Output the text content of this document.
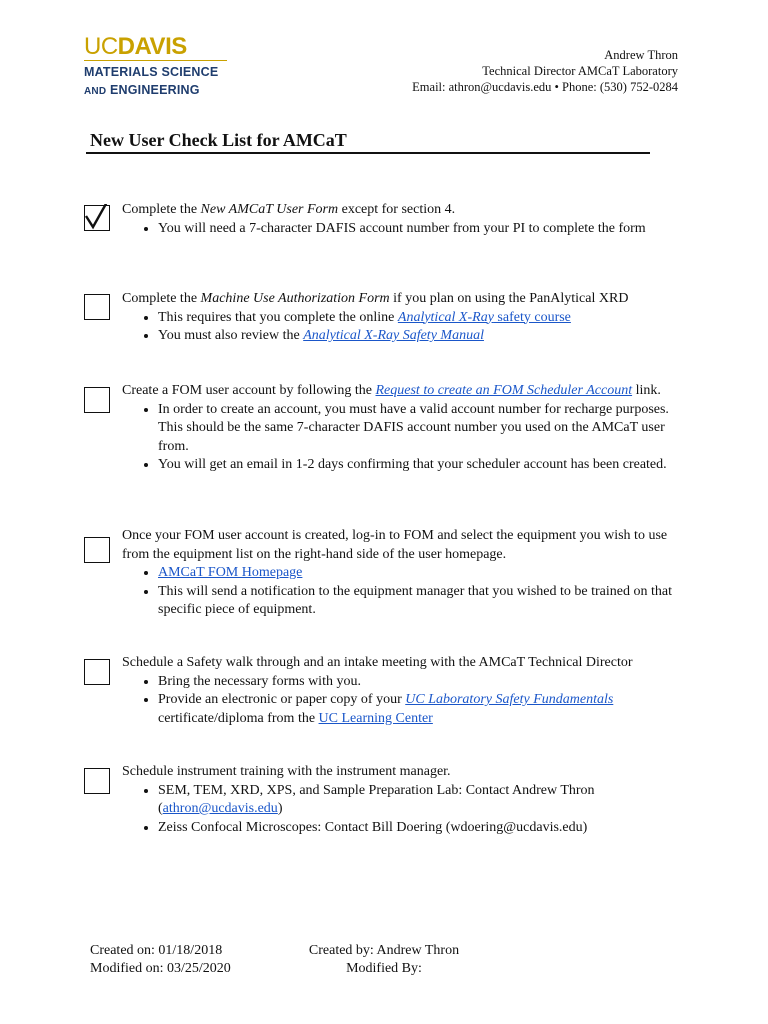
UCDAVIS
MATERIALS SCIENCE
AND ENGINEERING
Andrew Thron
Technical Director AMCaT Laboratory
Email: athron@ucdavis.edu • Phone: (530) 752-0284
New User Check List for AMCaT
Complete the New AMCaT User Form except for section 4.
• You will need a 7-character DAFIS account number from your PI to complete the form
Complete the Machine Use Authorization Form if you plan on using the PanAlytical XRD
• This requires that you complete the online Analytical X-Ray safety course
• You must also review the Analytical X-Ray Safety Manual
Create a FOM user account by following the Request to create an FOM Scheduler Account link.
• In order to create an account, you must have a valid account number for recharge purposes. This should be the same 7-character DAFIS account number you used on the AMCaT user from.
• You will get an email in 1-2 days confirming that your scheduler account has been created.
Once your FOM user account is created, log-in to FOM and select the equipment you wish to use from the equipment list on the right-hand side of the user homepage.
• AMCaT FOM Homepage
• This will send a notification to the equipment manager that you wished to be trained on that specific piece of equipment.
Schedule a Safety walk through and an intake meeting with the AMCaT Technical Director
• Bring the necessary forms with you.
• Provide an electronic or paper copy of your UC Laboratory Safety Fundamentals certificate/diploma from the UC Learning Center
Schedule instrument training with the instrument manager.
• SEM, TEM, XRD, XPS, and Sample Preparation Lab: Contact Andrew Thron (athron@ucdavis.edu)
• Zeiss Confocal Microscopes: Contact Bill Doering (wdoering@ucdavis.edu)
Created on: 01/18/2018
Modified on: 03/25/2020
Created by: Andrew Thron
Modified By:
